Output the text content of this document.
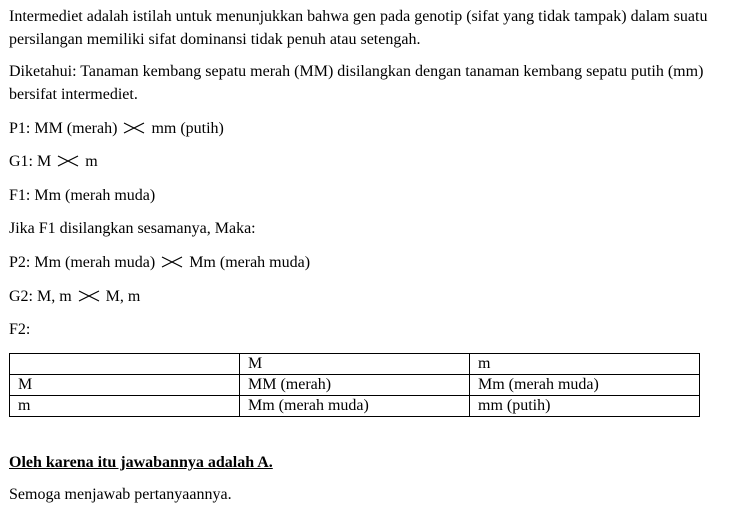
Intermediet adalah istilah untuk menunjukkan bahwa gen pada genotip (sifat yang tidak tampak) dalam suatu persilangan memiliki sifat dominansi tidak penuh atau setengah.

Diketahui: Tanaman kembang sepatu merah (MM) disilangkan dengan tanaman kembang sepatu putih (mm) bersifat intermediet.

P1: MM (merah) mm (putih)

G1: M m

F1: Mm (merah muda)

Jika F1 disilangkan sesamanya, Maka:

P2: Mm (merah muda) Mm (merah muda)

G2: M, m M, m

F2:

	M	m
M	MM (merah)	Mm (merah muda)
m	Mm (merah muda)	mm (putih)

Oleh karena itu jawabannya adalah A.

Semoga menjawab pertanyaannya.
